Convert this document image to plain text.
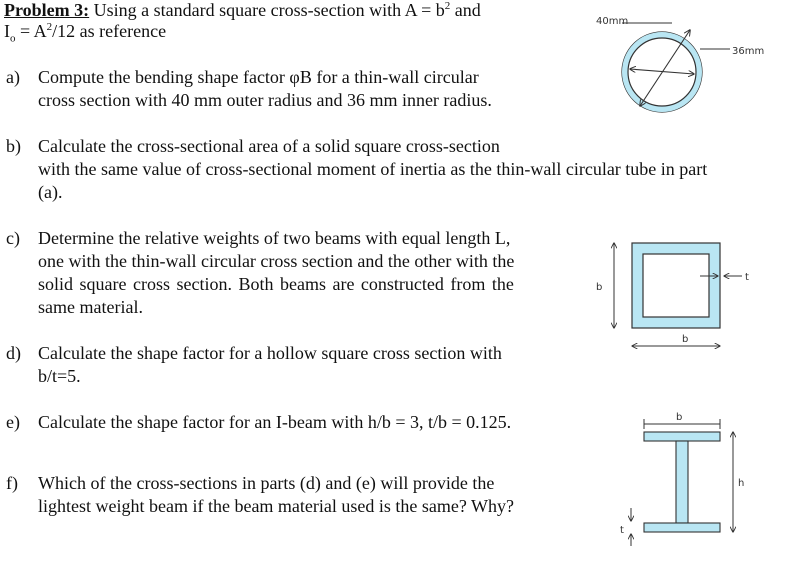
Problem 3: Using a standard square cross-section with $A = b^2$ and
$I_o = A^2/12$ as reference
a)	Compute the bending shape factor φB for a thin-wall circular
cross section with 40 mm outer radius and 36 mm inner radius.
b) Calculate the cross-sectional area of a solid square cross-section
with the same value of cross-sectional moment of inertia as the thin-wall circular tube in part
(a).
c)	Determine the relative weights of two beams with equal length L,
one with the thin-wall circular cross section and the other with the
solid square cross section. Both beams are constructed from the
same material.
d) Calculate the shape factor for a hollow square cross section with
b/t=5.
e)	Calculate the shape factor for an I-beam with h/b = 3, t/b = 0.125.
f)	Which of the cross-sections in parts (d) and (e) will provide the
lightest weight beam if the beam material used is the same? Why?
40mm
36mm
b
b
t
b
h
t
